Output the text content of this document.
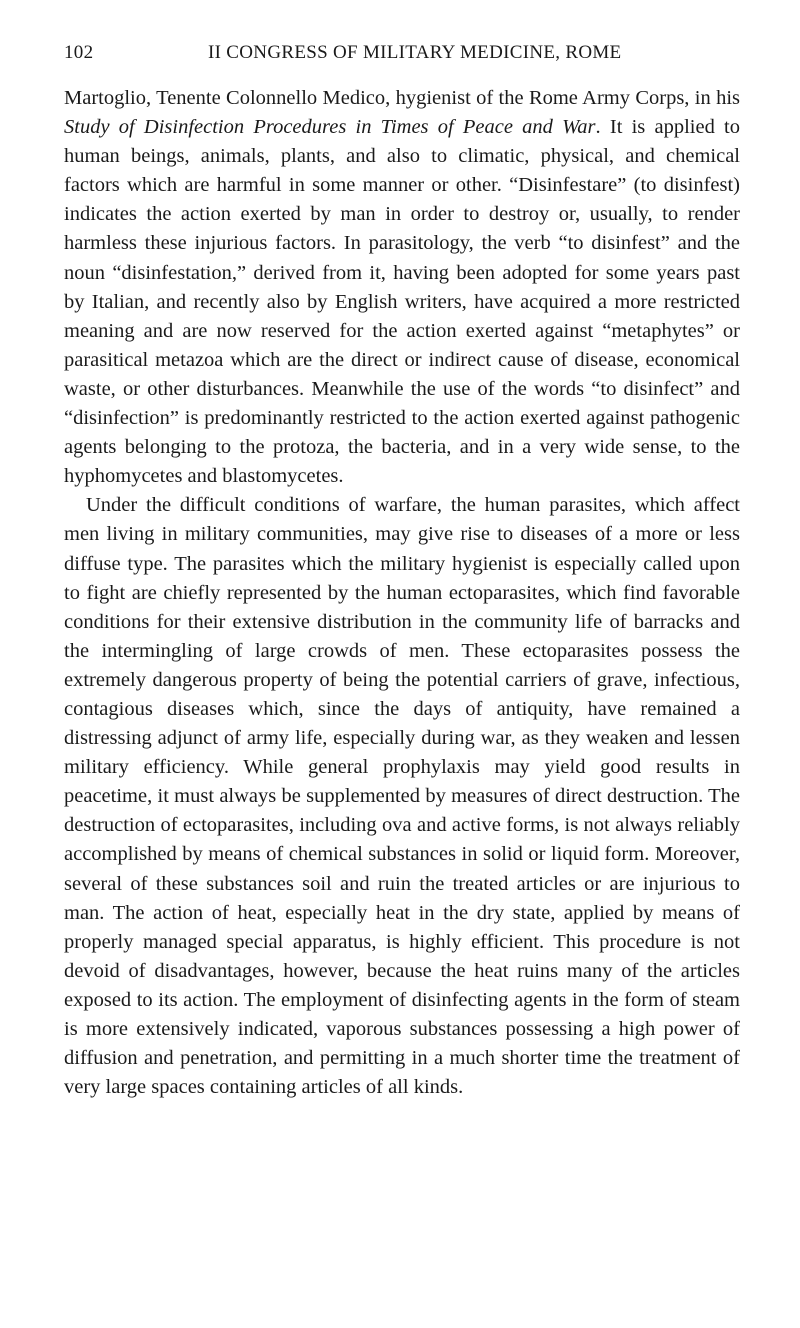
102	II CONGRESS OF MILITARY MEDICINE, ROME

Martoglio, Tenente Colonnello Medico, hygienist of the Rome Army Corps, in his Study of Disinfection Procedures in Times of Peace and War. It is applied to human beings, animals, plants, and also to climatic, physical, and chemical factors which are harmful in some manner or other. “Disinfestare” (to disinfest) indicates the action exerted by man in order to destroy or, usually, to render harmless these injurious factors. In parasitology, the verb “to disinfest” and the noun “disinfestation,” derived from it, having been adopted for some years past by Italian, and recently also by English writers, have acquired a more restricted meaning and are now reserved for the action exerted against “metaphytes” or parasitical metazoa which are the direct or indirect cause of disease, economical waste, or other disturbances. Meanwhile the use of the words “to disinfect” and “disinfection” is predominantly restricted to the action exerted against pathogenic agents belonging to the protoza, the bacteria, and in a very wide sense, to the hyphomycetes and blastomycetes.

Under the difficult conditions of warfare, the human parasites, which affect men living in military communities, may give rise to diseases of a more or less diffuse type. The parasites which the military hygienist is especially called upon to fight are chiefly represented by the human ectoparasites, which find favorable conditions for their extensive distribution in the community life of barracks and the intermingling of large crowds of men. These ectoparasites possess the extremely dangerous property of being the potential carriers of grave, infectious, contagious diseases which, since the days of antiquity, have remained a distressing adjunct of army life, especially during war, as they weaken and lessen military efficiency. While general prophylaxis may yield good results in peacetime, it must always be supplemented by measures of direct destruction. The destruction of ectoparasites, including ova and active forms, is not always reliably accomplished by means of chemical substances in solid or liquid form. Moreover, several of these substances soil and ruin the treated articles or are injurious to man. The action of heat, especially heat in the dry state, applied by means of properly managed special apparatus, is highly efficient. This procedure is not devoid of disadvantages, however, because the heat ruins many of the articles exposed to its action. The employment of disinfecting agents in the form of steam is more extensively indicated, vaporous substances possessing a high power of diffusion and penetration, and permitting in a much shorter time the treatment of very large spaces containing articles of all kinds.
